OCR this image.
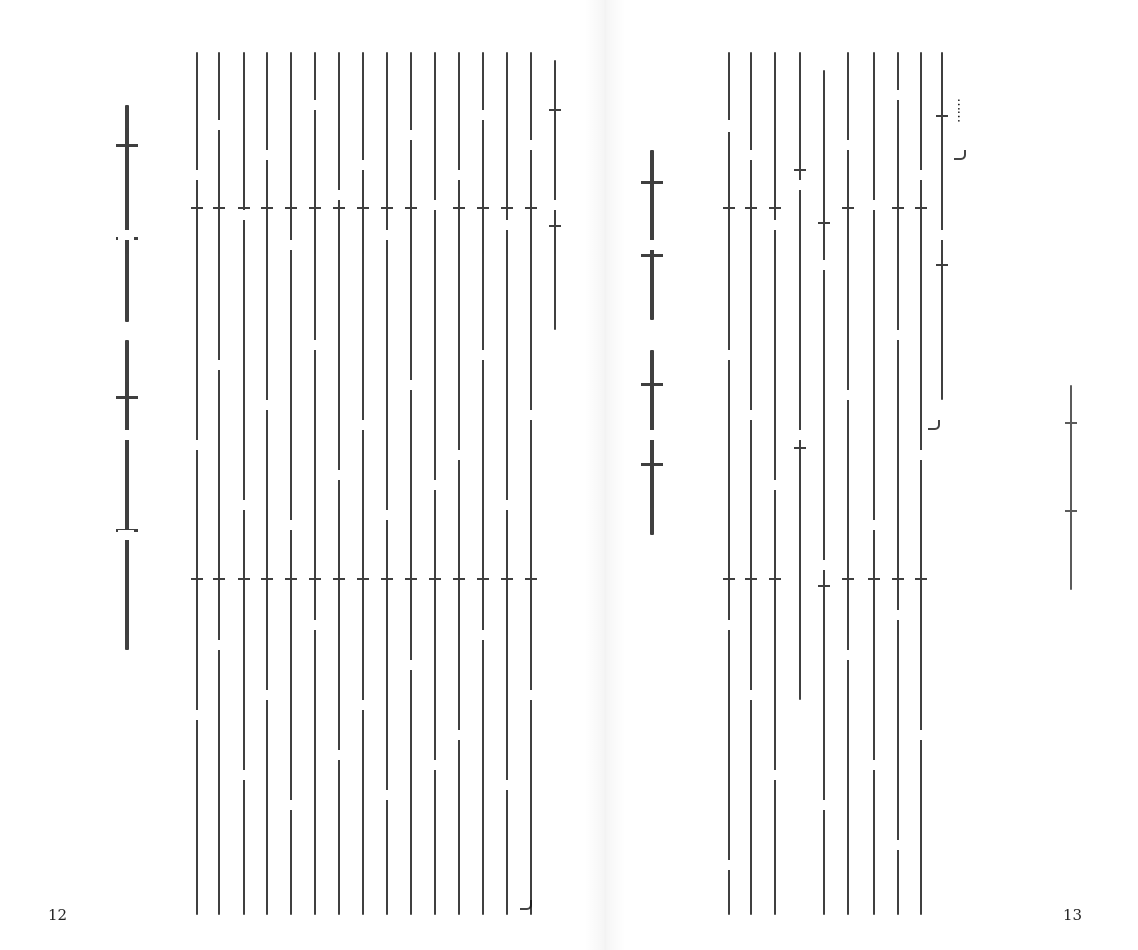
12	13
……
